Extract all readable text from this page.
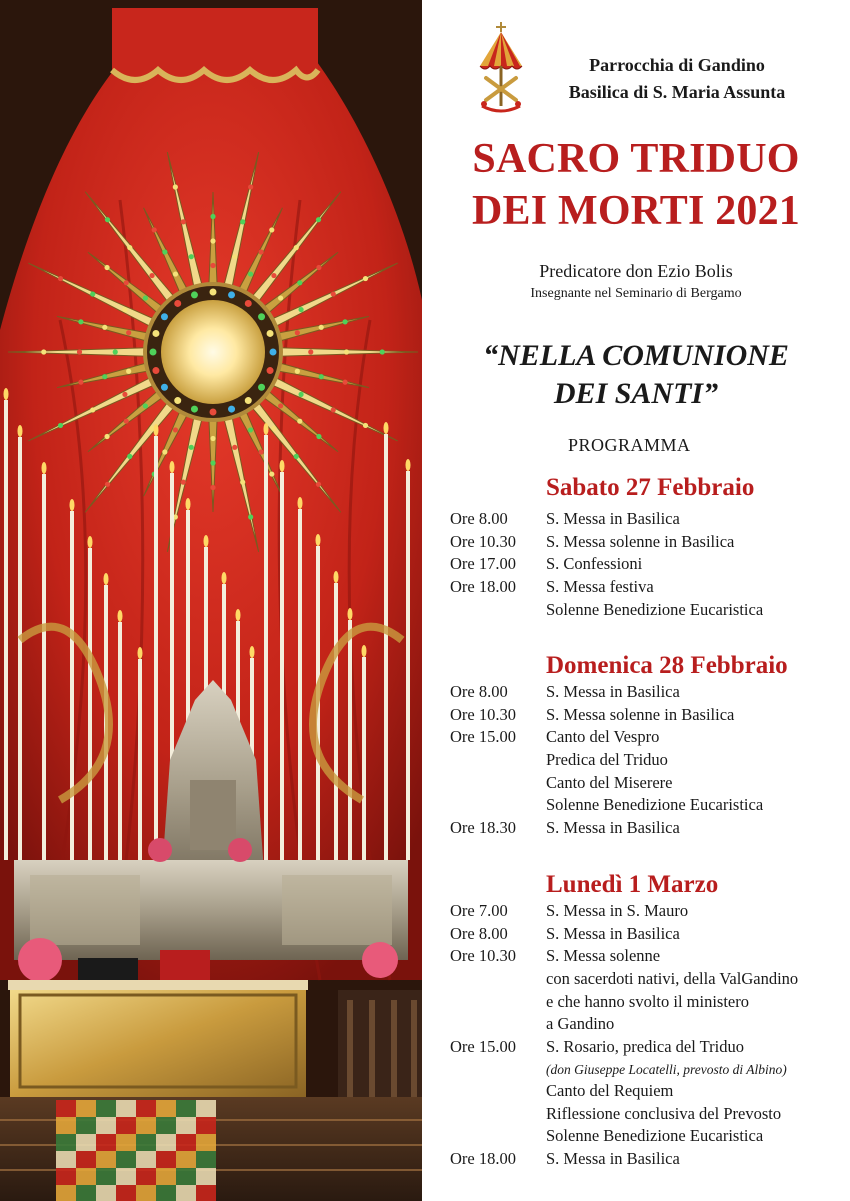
Parrocchia di Gandino
Basilica di S. Maria Assunta
SACRO TRIDUO
DEI MORTI 2021
Predicatore don Ezio Bolis
Insegnante nel Seminario di Bergamo
“NELLA COMUNIONE
DEI SANTI”
PROGRAMMA
Sabato 27 Febbraio
Ore 8.00 S. Messa in Basilica
Ore 10.30 S. Messa solenne in Basilica
Ore 17.00 S. Confessioni
Ore 18.00 S. Messa festiva
Solenne Benedizione Eucaristica
Domenica 28 Febbraio
Ore 8.00 S. Messa in Basilica
Ore 10.30 S. Messa solenne in Basilica
Ore 15.00 Canto del Vespro
Predica del Triduo
Canto del Miserere
Solenne Benedizione Eucaristica
Ore 18.30 S. Messa in Basilica
Lunedì 1 Marzo
Ore 7.00 S. Messa in S. Mauro
Ore 8.00 S. Messa in Basilica
Ore 10.30 S. Messa solenne
con sacerdoti nativi, della ValGandino
e che hanno svolto il ministero
a Gandino
Ore 15.00 S. Rosario, predica del Triduo
(don Giuseppe Locatelli, prevosto di Albino)
Canto del Requiem
Riflessione conclusiva del Prevosto
Solenne Benedizione Eucaristica
Ore 18.00 S. Messa in Basilica
